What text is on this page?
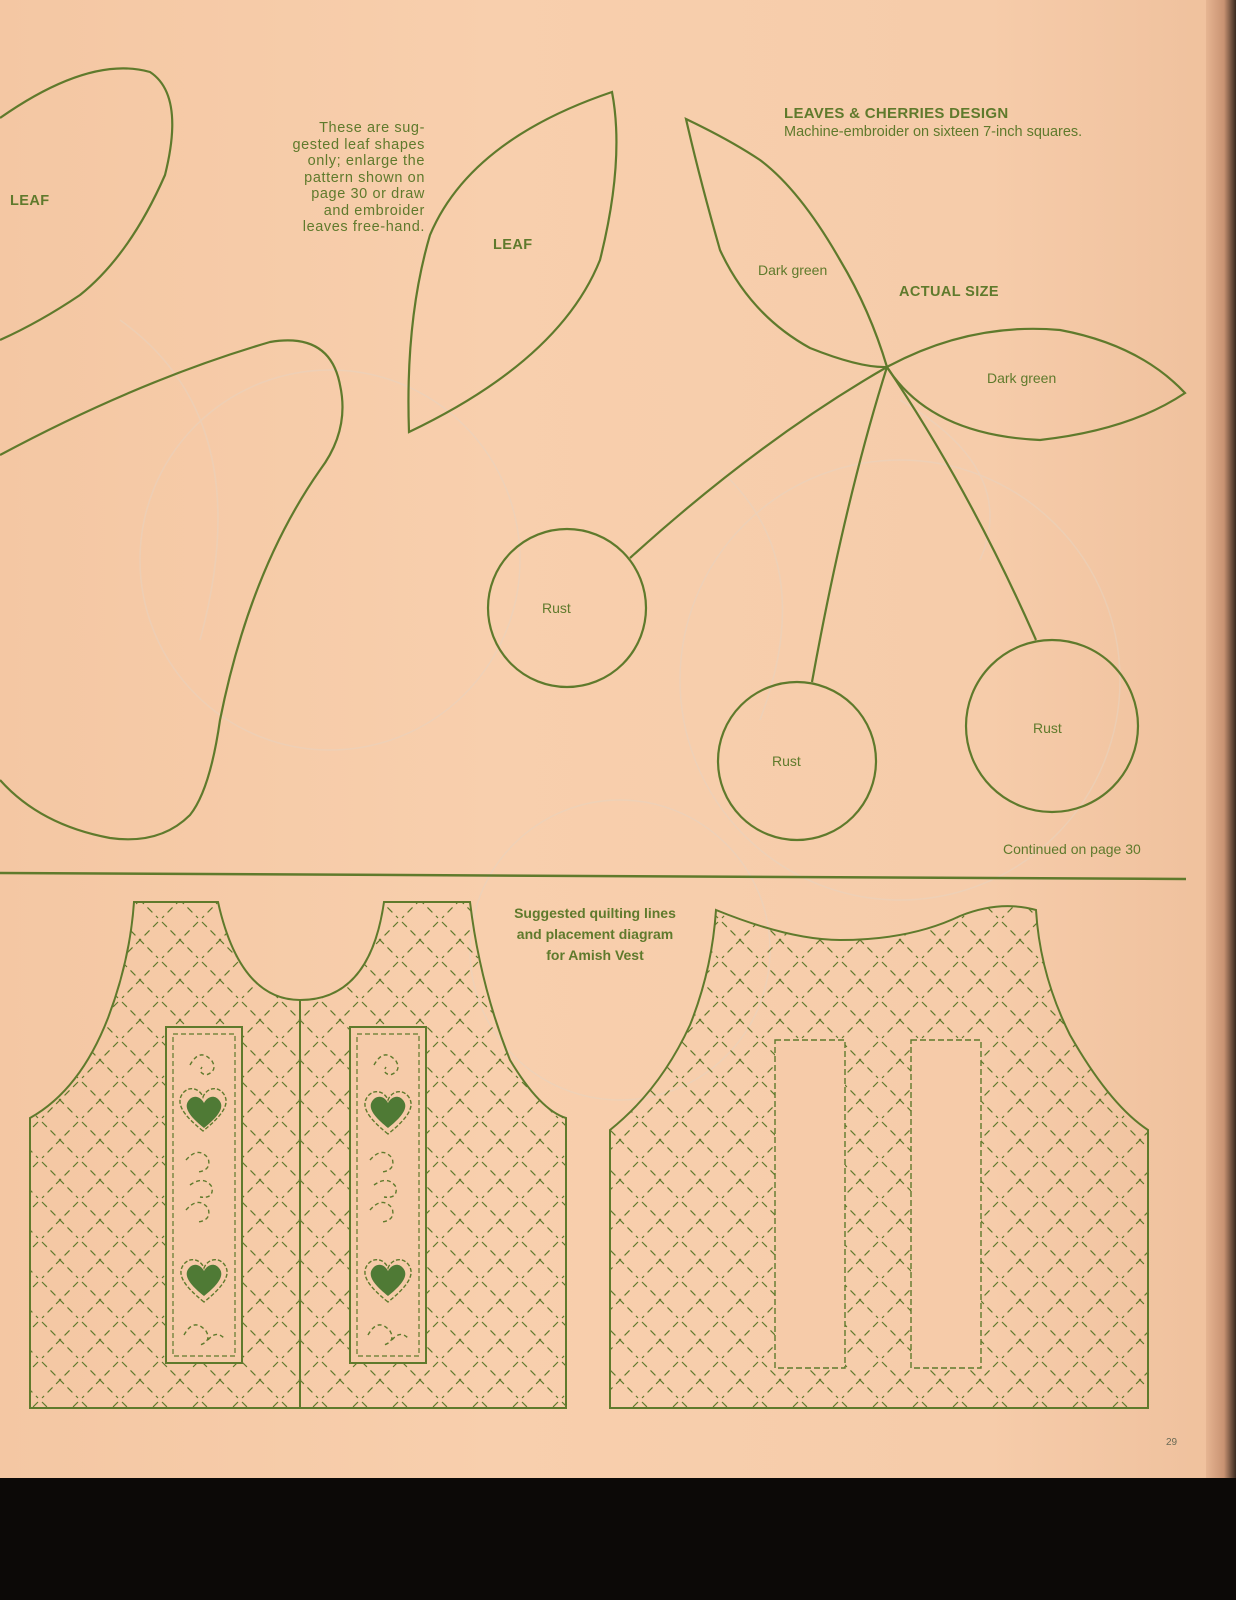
LEAF
These are sug-
gested leaf shapes
only; enlarge the
pattern shown on
page 30 or draw
and embroider
leaves free-hand.
LEAF
LEAVES & CHERRIES DESIGN
Machine-embroider on sixteen 7-inch squares.
ACTUAL SIZE
Dark green
Dark green
Rust
Rust
Rust
Continued on page 30
Suggested quilting lines
and placement diagram
for Amish Vest
29
